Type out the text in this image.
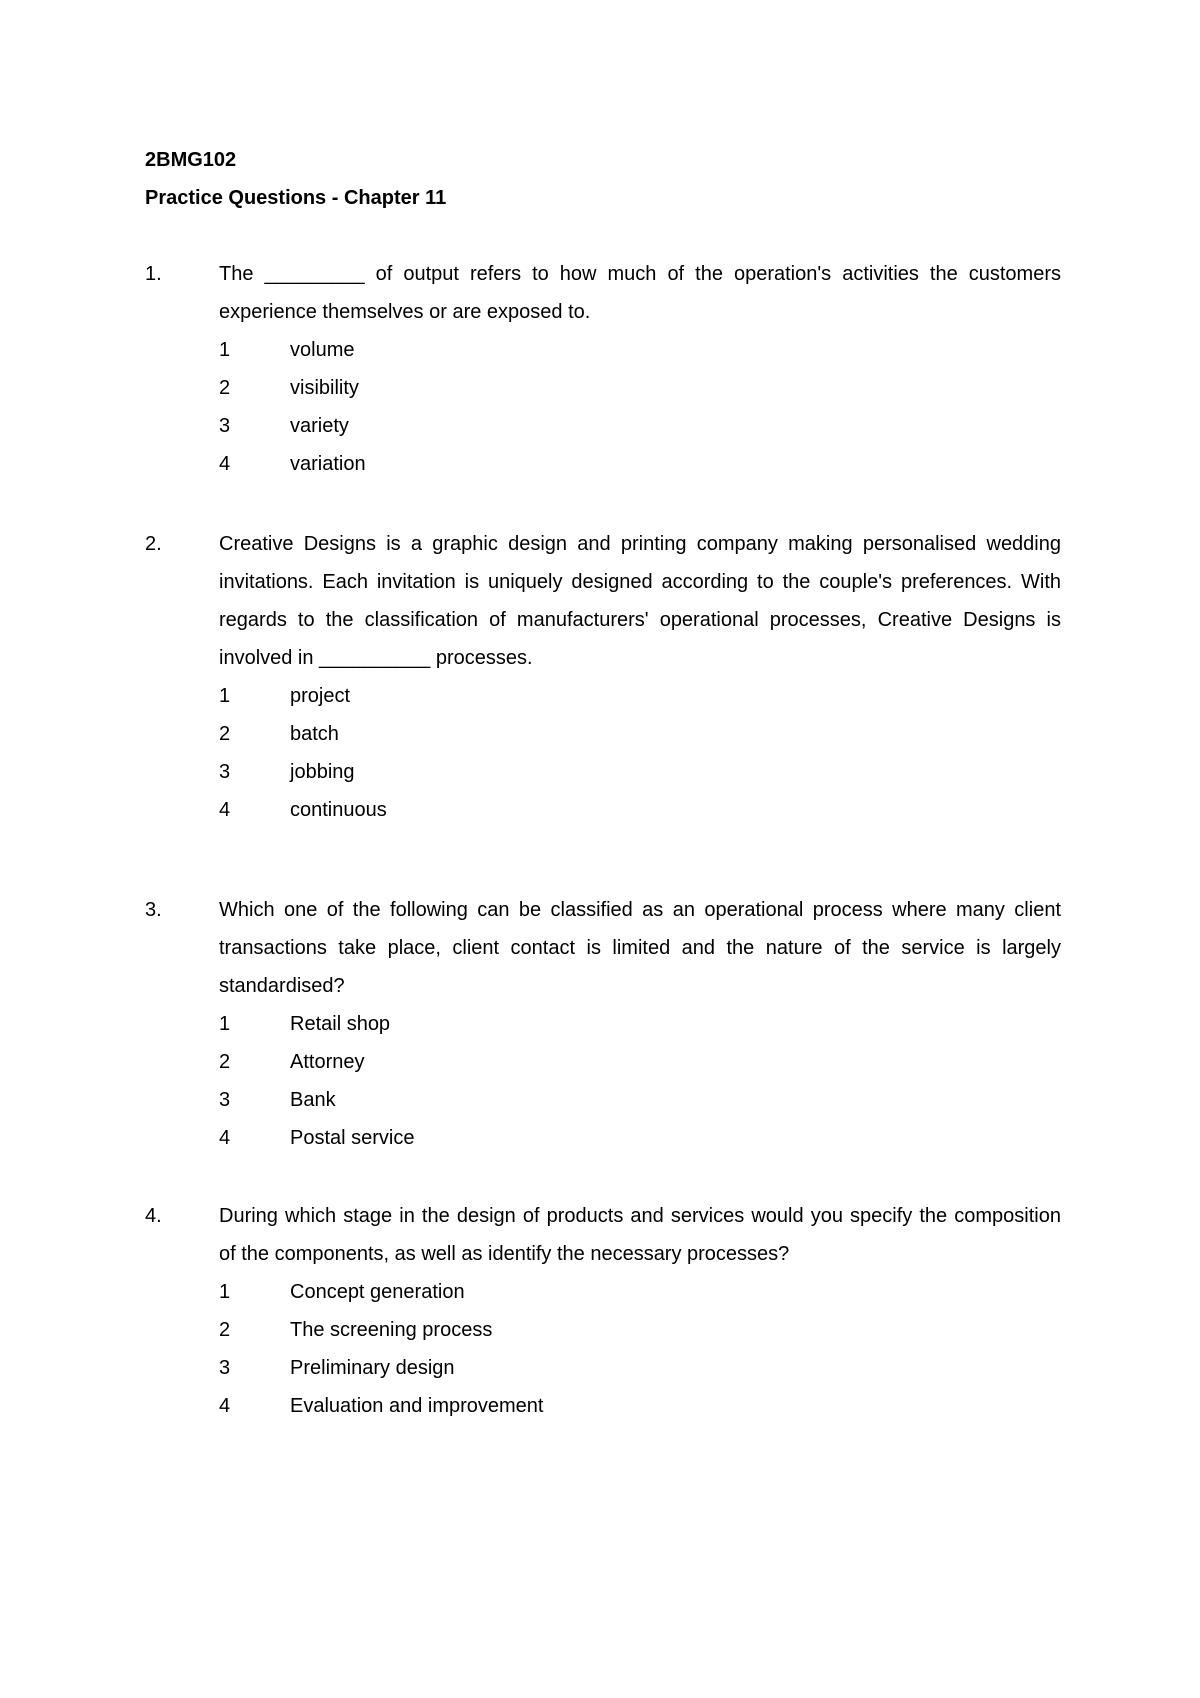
2BMG102
Practice Questions - Chapter 11
1.	The _________ of output refers to how much of the operation's activities the customers experience themselves or are exposed to.

1	volume
2	visibility
3	variety
4	variation
2.	Creative Designs is a graphic design and printing company making personalised wedding invitations. Each invitation is uniquely designed according to the couple's preferences. With regards to the classification of manufacturers' operational processes, Creative Designs is involved in __________ processes.

1	project
2	batch
3	jobbing
4	continuous
3.	Which one of the following can be classified as an operational process where many client transactions take place, client contact is limited and the nature of the service is largely standardised?

1	Retail shop
2	Attorney
3	Bank
4	Postal service
4.	During which stage in the design of products and services would you specify the composition of the components, as well as identify the necessary processes?

1	Concept generation
2	The screening process
3	Preliminary design
4	Evaluation and improvement
